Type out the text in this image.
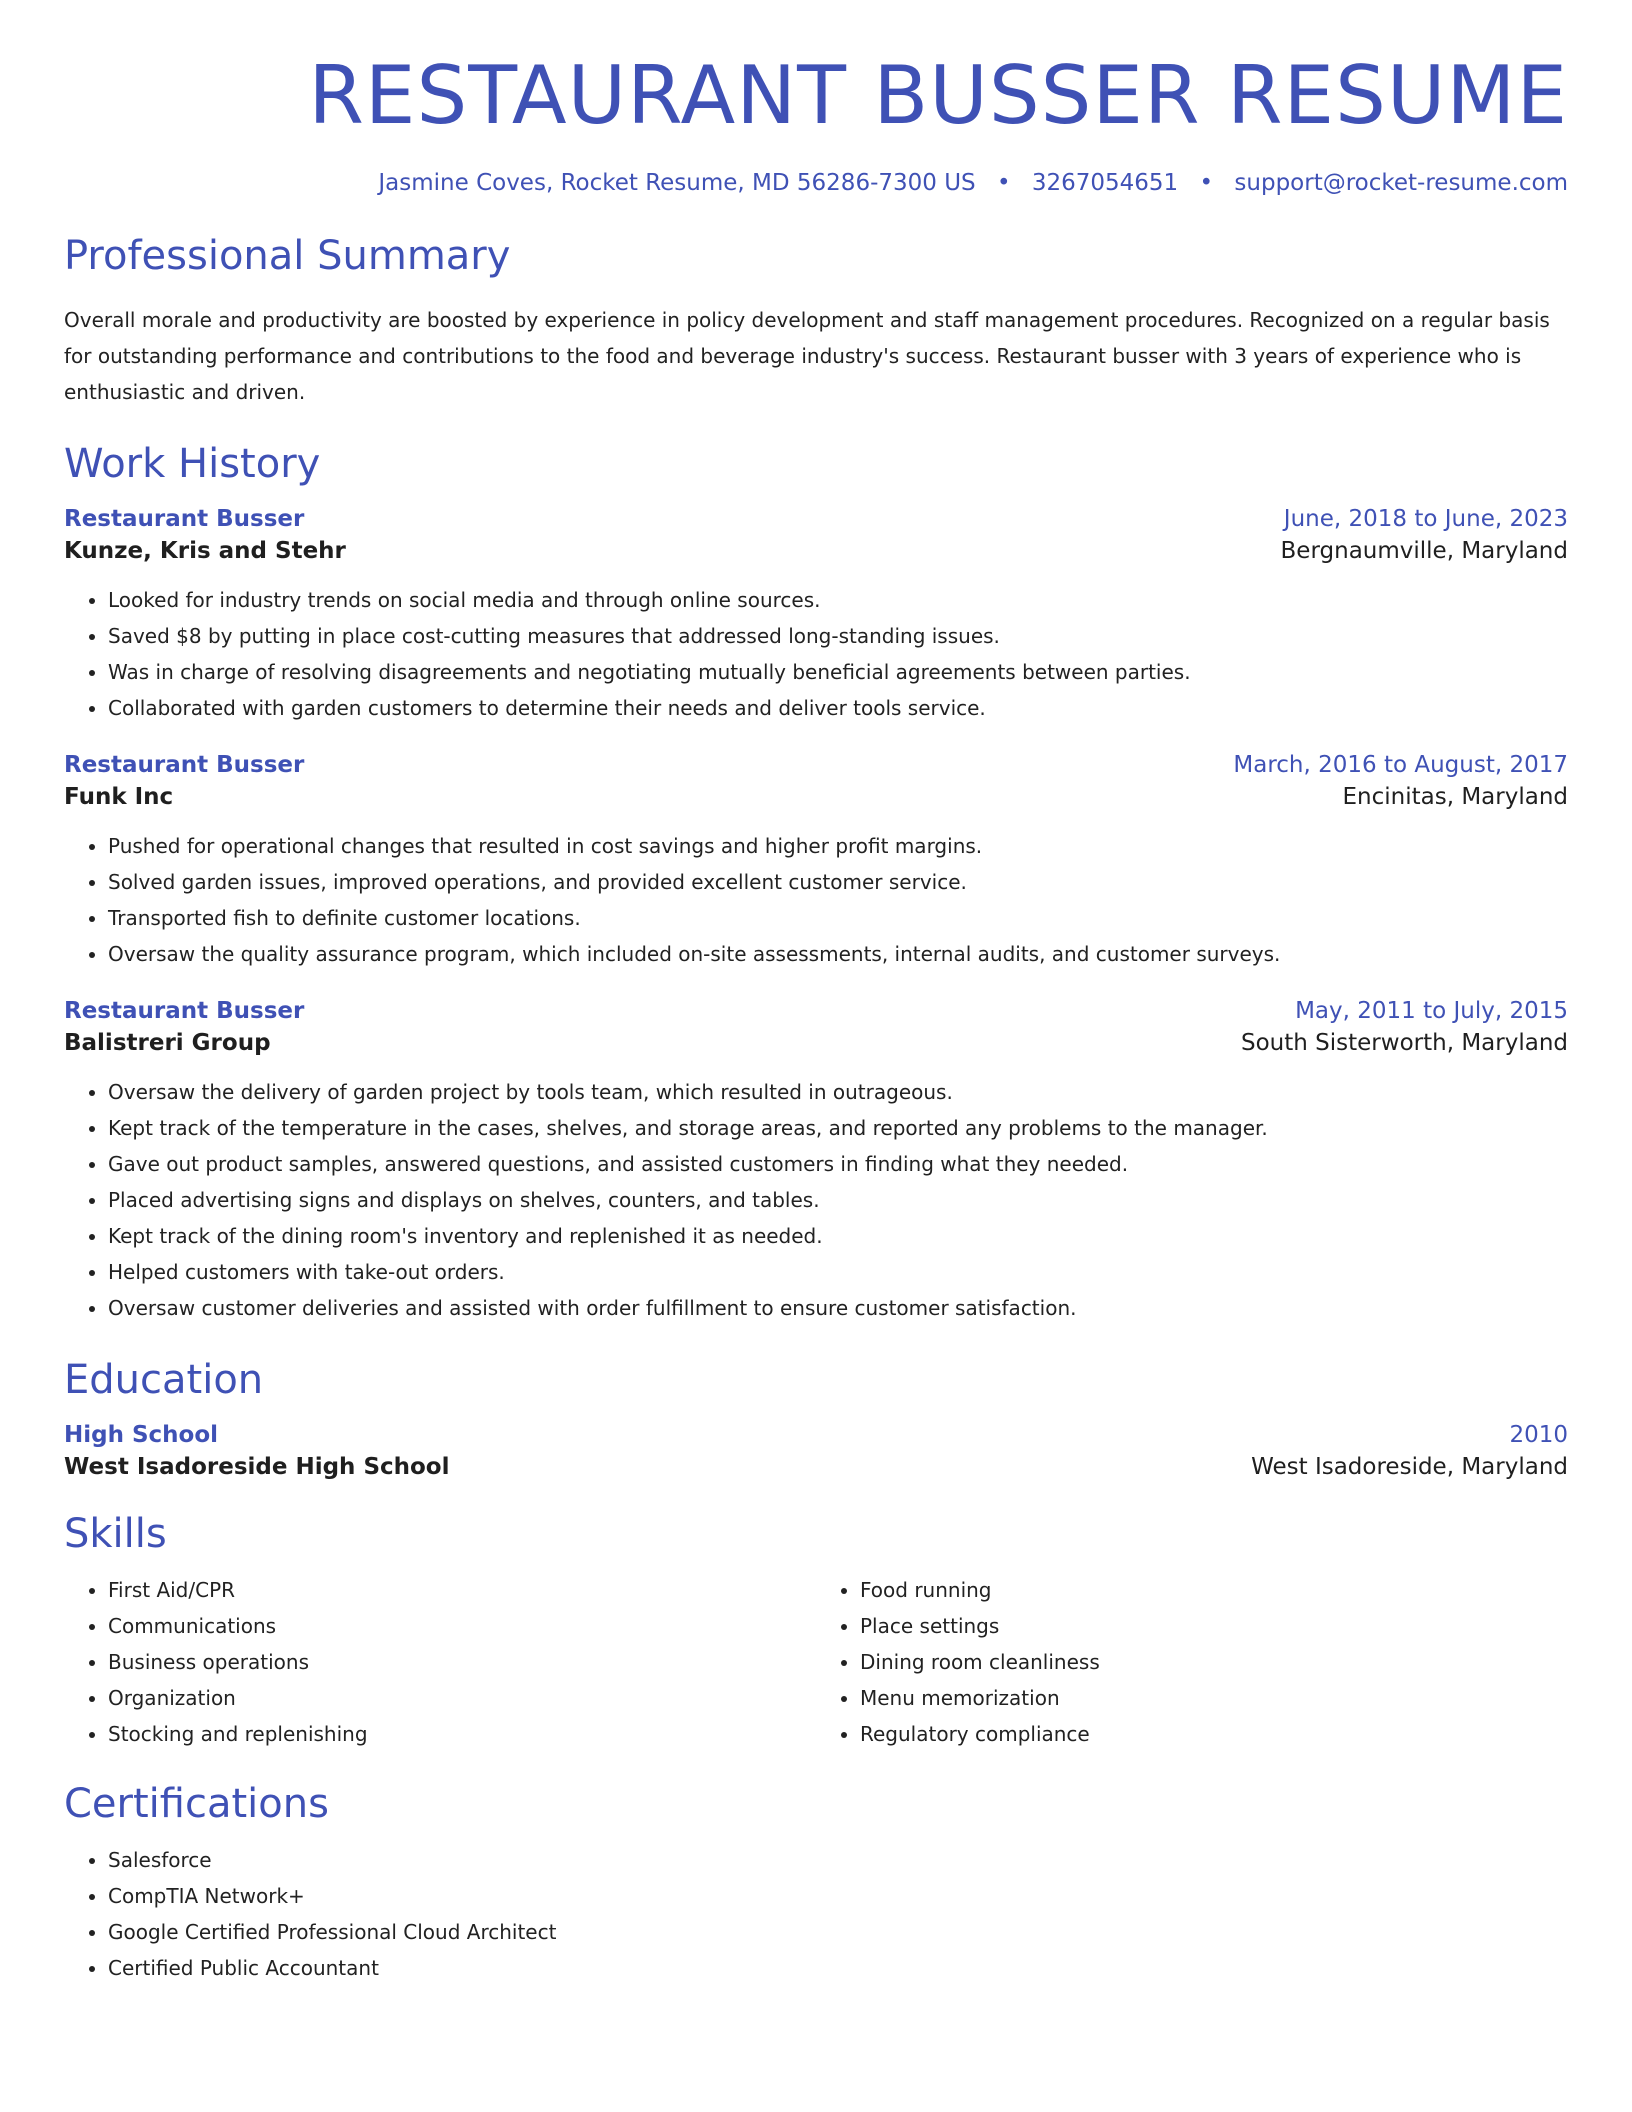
RESTAURANT BUSSER RESUME
Jasmine Coves, Rocket Resume, MD 56286-7300 US • 3267054651 • support@rocket-resume.com
Professional Summary

Overall morale and productivity are boosted by experience in policy development and staff management procedures. Recognized on a regular basis for outstanding performance and contributions to the food and beverage industry's success. Restaurant busser with 3 years of experience who is enthusiastic and driven.

Work History
Restaurant Busser	June, 2018 to June, 2023
Kunze, Kris and Stehr	Bergnaumville, Maryland
• Looked for industry trends on social media and through online sources.
• Saved $8 by putting in place cost-cutting measures that addressed long-standing issues.
• Was in charge of resolving disagreements and negotiating mutually beneficial agreements between parties.
• Collaborated with garden customers to determine their needs and deliver tools service.
Restaurant Busser	March, 2016 to August, 2017
Funk Inc	Encinitas, Maryland
• Pushed for operational changes that resulted in cost savings and higher profit margins.
• Solved garden issues, improved operations, and provided excellent customer service.
• Transported fish to definite customer locations.
• Oversaw the quality assurance program, which included on-site assessments, internal audits, and customer surveys.
Restaurant Busser	May, 2011 to July, 2015
Balistreri Group	South Sisterworth, Maryland
• Oversaw the delivery of garden project by tools team, which resulted in outrageous.
• Kept track of the temperature in the cases, shelves, and storage areas, and reported any problems to the manager.
• Gave out product samples, answered questions, and assisted customers in finding what they needed.
• Placed advertising signs and displays on shelves, counters, and tables.
• Kept track of the dining room's inventory and replenished it as needed.
• Helped customers with take-out orders.
• Oversaw customer deliveries and assisted with order fulfillment to ensure customer satisfaction.
Education
High School	2010
West Isadoreside High School	West Isadoreside, Maryland
Skills
• First Aid/CPR
• Communications
• Business operations
• Organization
• Stocking and replenishing
• Food running
• Place settings
• Dining room cleanliness
• Menu memorization
• Regulatory compliance
Certifications
• Salesforce
• CompTIA Network+
• Google Certified Professional Cloud Architect
• Certified Public Accountant
